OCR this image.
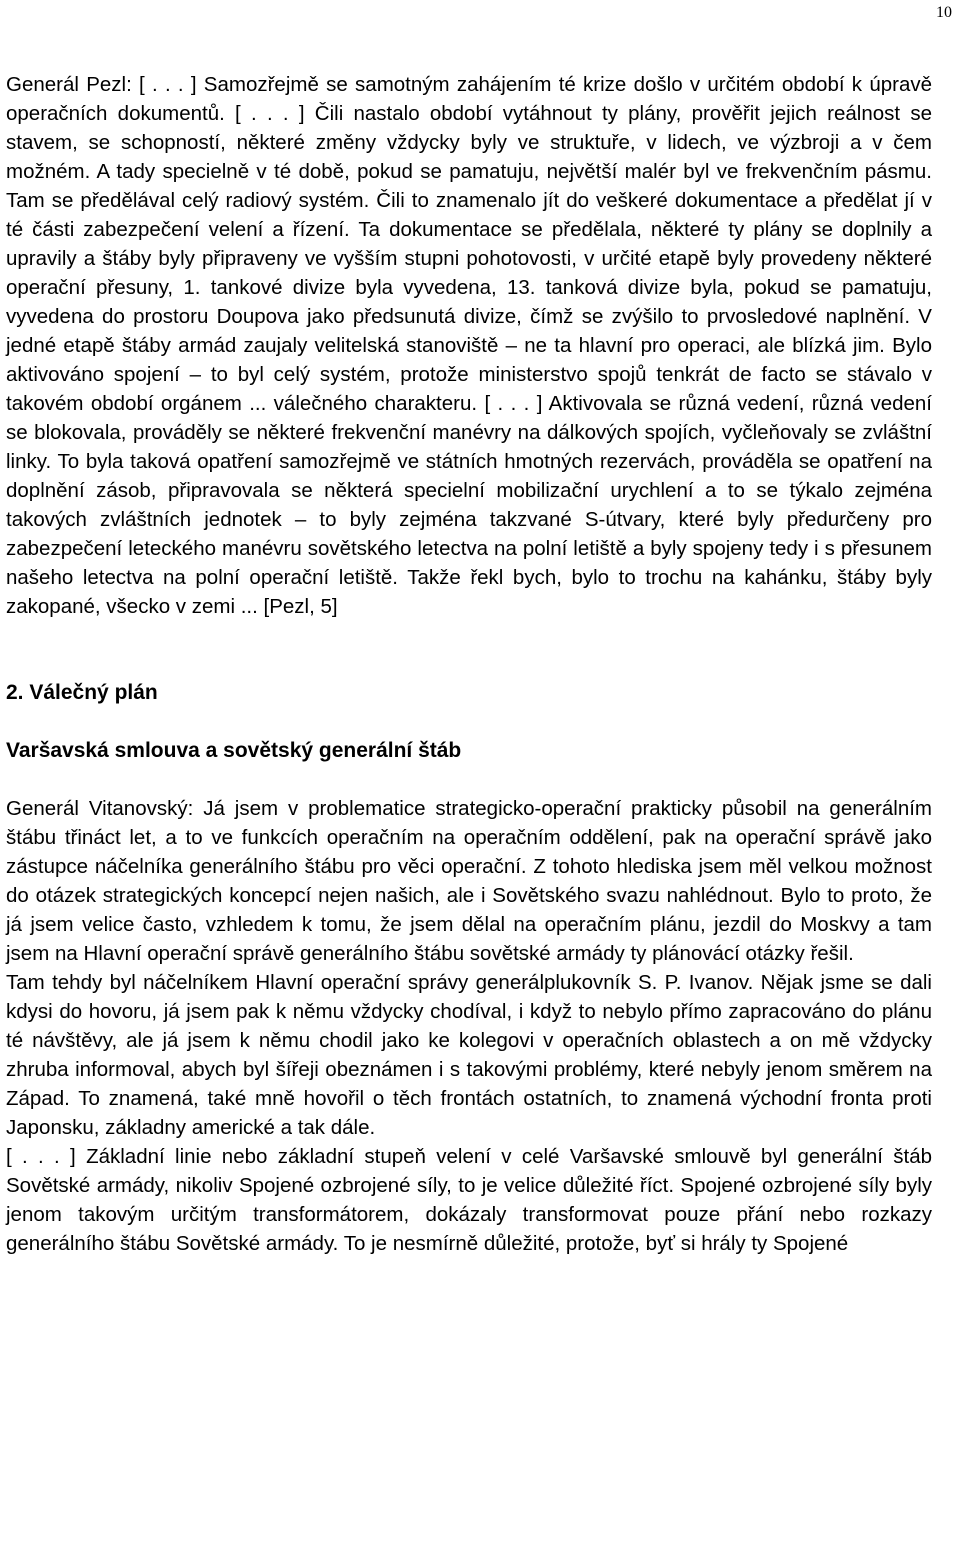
10

Generál Pezl: [ . . . ] Samozřejmě se samotným zahájením té krize došlo v určitém období k úpravě operačních dokumentů. [ . . . ] Čili nastalo období vytáhnout ty plány, prověřit jejich reálnost se stavem, se schopností, některé změny vždycky byly ve struktuře, v lidech, ve výzbroji a v čem možném. A tady specielně v té době, pokud se pamatuju, největší malér byl ve frekvenčním pásmu. Tam se předělával celý radiový systém. Čili to znamenalo jít do veškeré dokumentace a předělat jí v té části zabezpečení velení a řízení. Ta dokumentace se předělala, některé ty plány se doplnily a upravily a štáby byly připraveny ve vyšším stupni pohotovosti, v určité etapě byly provedeny některé operační přesuny, 1. tankové divize byla vyvedena, 13. tanková divize byla, pokud se pamatuju, vyvedena do prostoru Doupova jako předsunutá divize, čímž se zvýšilo to prvosledové naplnění. V jedné etapě štáby armád zaujaly velitelská stanoviště – ne ta hlavní pro operaci, ale blízká jim. Bylo aktivováno spojení – to byl celý systém, protože ministerstvo spojů tenkrát de facto se stávalo v takovém období orgánem ... válečného charakteru. [ . . . ] Aktivovala se různá vedení, různá vedení se blokovala, prováděly se některé frekvenční manévry na dálkových spojích, vyčleňovaly se zvláštní linky. To byla taková opatření samozřejmě ve státních hmotných rezervách, prováděla se opatření na doplnění zásob, připravovala se některá specielní mobilizační urychlení a to se týkalo zejména takových zvláštních jednotek – to byly zejména takzvané S-útvary, které byly předurčeny pro zabezpečení leteckého manévru sovětského letectva na polní letiště a byly spojeny tedy i s přesunem našeho letectva na polní operační letiště. Takže řekl bych, bylo to trochu na kahánku, štáby byly zakopané, všecko v zemi ... [Pezl, 5]

2. Válečný plán
Varšavská smlouva a sovětský generální štáb

Generál Vitanovský: Já jsem v problematice strategicko-operační prakticky působil na generálním štábu třináct let, a to ve funkcích operačním na operačním oddělení, pak na operační správě jako zástupce náčelníka generálního štábu pro věci operační. Z tohoto hlediska jsem měl velkou možnost do otázek strategických koncepcí nejen našich, ale i Sovětského svazu nahlédnout. Bylo to proto, že já jsem velice často, vzhledem k tomu, že jsem dělal na operačním plánu, jezdil do Moskvy a tam jsem na Hlavní operační správě generálního štábu sovětské armády ty plánovácí otázky řešil.

Tam tehdy byl náčelníkem Hlavní operační správy generálplukovník S. P. Ivanov. Nějak jsme se dali kdysi do hovoru, já jsem pak k němu vždycky chodíval, i když to nebylo přímo zapracováno do plánu té návštěvy, ale já jsem k němu chodil jako ke kolegovi v operačních oblastech a on mě vždycky zhruba informoval, abych byl šířeji obeznámen i s takovými problémy, které nebyly jenom směrem na Západ. To znamená, také mně hovořil o těch frontách ostatních, to znamená východní fronta proti Japonsku, základny americké a tak dále.

[ . . . ] Základní linie nebo základní stupeň velení v celé Varšavské smlouvě byl generální štáb Sovětské armády, nikoliv Spojené ozbrojené síly, to je velice důležité říct. Spojené ozbrojené síly byly jenom takovým určitým transformátorem, dokázaly transformovat pouze přání nebo rozkazy generálního štábu Sovětské armády. To je nesmírně důležité, protože, byť si hrály ty Spojené
